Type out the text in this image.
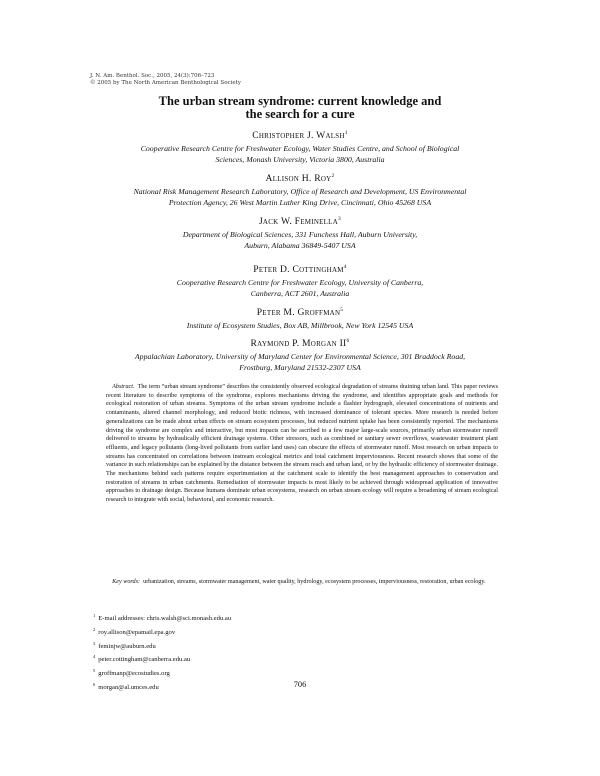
J. N. Am. Benthol. Soc., 2005, 24(3):706–723
© 2005 by The North American Benthological Society
The urban stream syndrome: current knowledge and
the search for a cure
Christopher J. Walsh$^1$
Cooperative Research Centre for Freshwater Ecology, Water Studies Centre, and School of Biological
Sciences, Monash University, Victoria 3800, Australia
Allison H. Roy$^2$
National Risk Management Research Laboratory, Office of Research and Development, US Environmental
Protection Agency, 26 West Martin Luther King Drive, Cincinnati, Ohio 45268 USA
Jack W. Feminella$^3$
Department of Biological Sciences, 331 Funchess Hall, Auburn University,
Auburn, Alabama 36849-5407 USA
Peter D. Cottingham$^4$
Cooperative Research Centre for Freshwater Ecology, University of Canberra,
Canberra, ACT 2601, Australia
Peter M. Groffman$^5$
Institute of Ecosystem Studies, Box AB, Millbrook, New York 12545 USA
Raymond P. Morgan $II^6$
Appalachian Laboratory, University of Maryland Center for Environmental Science, 301 Braddock Road,
Frostburg, Maryland 21532-2307 USA
 Abstract.  The term “urban stream syndrome” describes the consistently observed ecological degradation of streams draining urban land. This paper reviews recent literature to describe symptoms of the syndrome, explores mechanisms driving the syndrome, and identifies appropriate goals and methods for ecological restoration of urban streams. Symptoms of the urban stream syndrome include a flashier hydrograph, elevated concentrations of nutrients and contaminants, altered channel morphology, and reduced biotic richness, with increased dominance of tolerant species. More research is needed before generalizations can be made about urban effects on stream ecosystem processes, but reduced nutrient uptake has been consistently reported. The mechanisms driving the syndrome are complex and interactive, but most impacts can be ascribed to a few major large-scale sources, primarily urban stormwater runoff delivered to streams by hydraulically efficient drainage systems. Other stressors, such as combined or sanitary sewer overflows, wastewater treatment plant effluents, and legacy pollutants (long-lived pollutants from earlier land uses) can obscure the effects of stormwater runoff. Most research on urban impacts to streams has concentrated on correlations between instream ecological metrics and total catchment imperviousness. Recent research shows that some of the variance in such relationships can be explained by the distance between the stream reach and urban land, or by the hydraulic efficiency of stormwater drainage. The mechanisms behind such patterns require experimentation at the catchment scale to identify the best management approaches to conservation and restoration of streams in urban catchments. Remediation of stormwater impacts is most likely to be achieved through widespread application of innovative approaches to drainage design. Because humans dominate urban ecosystems, research on urban stream ecology will require a broadening of stream ecological research to integrate with social, behavioral, and economic research.
 Key words:  urbanization, streams, stormwater management, water quality, hydrology, ecosystem processes, imperviousness, restoration, urban ecology.
$^1$ E-mail addresses: chris.walsh@sci.monash.edu.au
$^2$ roy.allison@epamail.epa.gov
$^3$ feminjw@auburn.edu
$^4$ peter.cottingham@canberra.edu.au
$^5$ groffmanp@ecostudies.org
$^6$ morgan@al.umces.edu	706
